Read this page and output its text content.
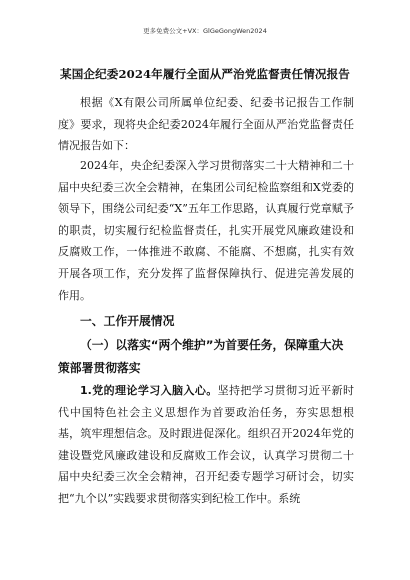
更多免费公文+VX：GlGeGongWen2024
某国企纪委2024年履行全面从严治党监督责任情况报告

根据《X有限公司所属单位纪委、纪委书记报告工作制度》要求，现将央企纪委2024年履行全面从严治党监督责任情况报告如下：

2024年，央企纪委深入学习贯彻落实二十大精神和二十届中央纪委三次全会精神，在集团公司纪检监察组和X党委的领导下，围绕公司纪委“X”五年工作思路，认真履行党章赋予的职责，切实履行纪检监督责任，扎实开展党风廉政建设和反腐败工作，一体推进不敢腐、不能腐、不想腐，扎实有效开展各项工作，充分发挥了监督保障执行、促进完善发展的作用。

一、工作开展情况

（一）以落实“两个维护”为首要任务，保障重大决策部署贯彻落实

1.党的理论学习入脑入心。坚持把学习贯彻习近平新时代中国特色社会主义思想作为首要政治任务，夯实思想根基，筑牢理想信念。及时跟进促深化。组织召开2024年党的建设暨党风廉政建设和反腐败工作会议，认真学习贯彻二十届中央纪委三次全会精神，召开纪委专题学习研讨会，切实把“九个以”实践要求贯彻落实到纪检工作中。系统
